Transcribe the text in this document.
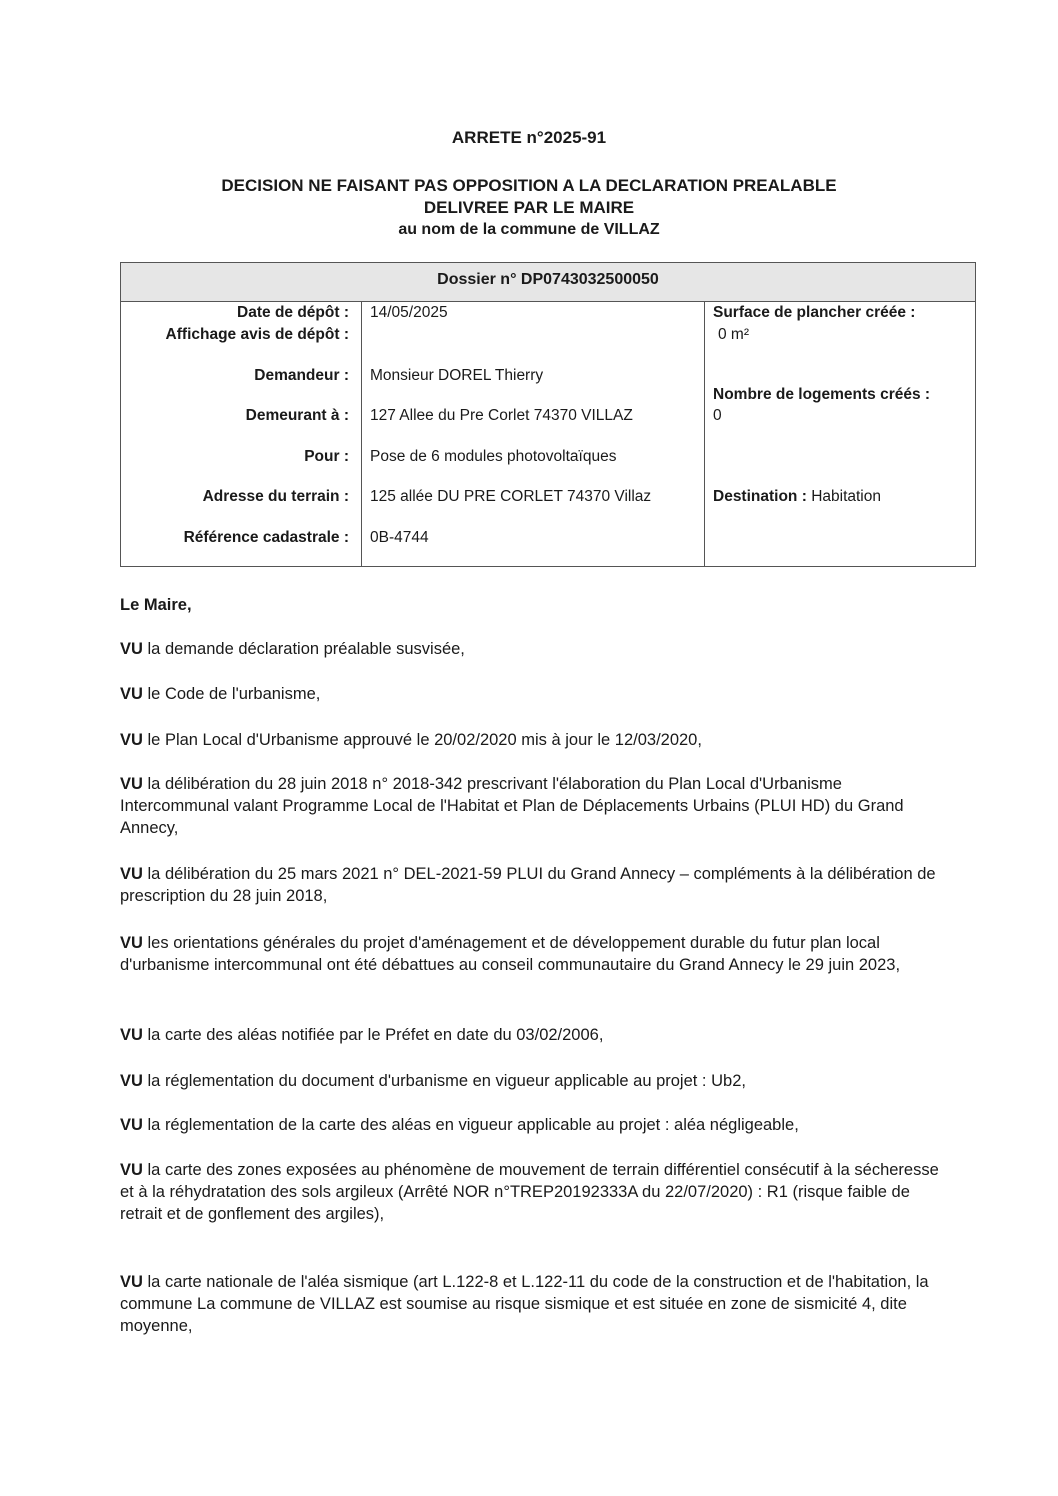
ARRETE n°2025-91
DECISION NE FAISANT PAS OPPOSITION A LA DECLARATION PREALABLE
DELIVREE PAR LE MAIRE
au nom de la commune de VILLAZ
Dossier n° DP0743032500050
Date de dépôt : 14/05/2025
Affichage avis de dépôt :
Demandeur : Monsieur DOREL Thierry
Demeurant à : 127 Allee du Pre Corlet 74370 VILLAZ
Pour : Pose de 6 modules photovoltaïques
Adresse du terrain : 125 allée DU PRE CORLET 74370 Villaz
Référence cadastrale : 0B-4744
Surface de plancher créée :
0 m²
Nombre de logements créés :
0
Destination : Habitation

Le Maire,

VU la demande déclaration préalable susvisée,

VU le Code de l'urbanisme,

VU le Plan Local d'Urbanisme approuvé le 20/02/2020 mis à jour le 12/03/2020,

VU la délibération du 28 juin 2018 n° 2018-342 prescrivant l'élaboration du Plan Local d'Urbanisme Intercommunal valant Programme Local de l'Habitat et Plan de Déplacements Urbains (PLUI HD) du Grand Annecy,

VU la délibération du 25 mars 2021 n° DEL-2021-59 PLUI du Grand Annecy – compléments à la délibération de prescription du 28 juin 2018,

VU les orientations générales du projet d'aménagement et de développement durable du futur plan local d'urbanisme intercommunal ont été débattues au conseil communautaire du Grand Annecy le 29 juin 2023,

VU la carte des aléas notifiée par le Préfet en date du 03/02/2006,

VU la réglementation du document d'urbanisme en vigueur applicable au projet : Ub2,

VU la réglementation de la carte des aléas en vigueur applicable au projet : aléa négligeable,

VU la carte des zones exposées au phénomène de mouvement de terrain différentiel consécutif à la sécheresse et à la réhydratation des sols argileux (Arrêté NOR n°TREP20192333A du 22/07/2020) : R1 (risque faible de retrait et de gonflement des argiles),

VU la carte nationale de l'aléa sismique (art L.122-8 et L.122-11 du code de la construction et de l'habitation, la commune La commune de VILLAZ est soumise au risque sismique et est située en zone de sismicité 4, dite moyenne,
